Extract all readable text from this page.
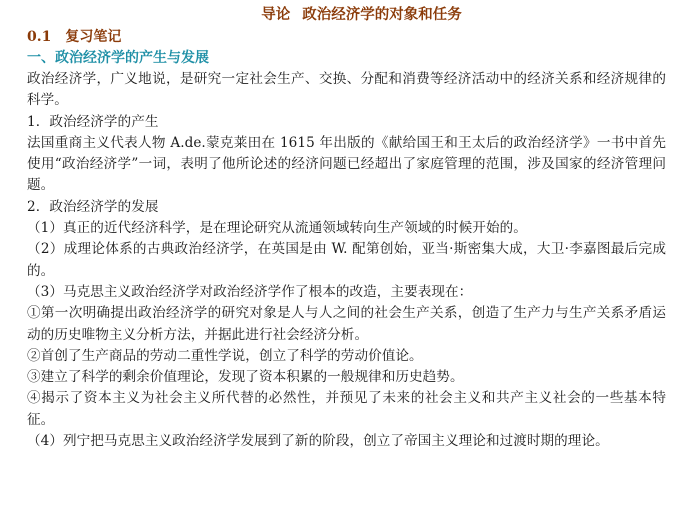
导论 政治经济学的对象和任务
0.1 复习笔记
一、政治经济学的产生与发展

政治经济学，广义地说，是研究一定社会生产、交换、分配和消费等经济活动中的经济关系和经济规律的科学。

1．政治经济学的产生

法国重商主义代表人物 A.de.蒙克莱田在 1615 年出版的《献给国王和王太后的政治经济学》一书中首先使用“政治经济学”一词，表明了他所论述的经济问题已经超出了家庭管理的范围，涉及国家的经济管理问题。

2．政治经济学的发展

（1）真正的近代经济科学，是在理论研究从流通领域转向生产领域的时候开始的。

（2）成理论体系的古典政治经济学，在英国是由 W. 配第创始，亚当·斯密集大成，大卫·李嘉图最后完成的。

（3）马克思主义政治经济学对政治经济学作了根本的改造，主要表现在：

①第一次明确提出政治经济学的研究对象是人与人之间的社会生产关系，创造了生产力与生产关系矛盾运动的历史唯物主义分析方法，并据此进行社会经济分析。

②首创了生产商品的劳动二重性学说，创立了科学的劳动价值论。

③建立了科学的剩余价值理论，发现了资本积累的一般规律和历史趋势。

④揭示了资本主义为社会主义所代替的必然性，并预见了未来的社会主义和共产主义社会的一些基本特征。

（4）列宁把马克思主义政治经济学发展到了新的阶段，创立了帝国主义理论和过渡时期的理论。
